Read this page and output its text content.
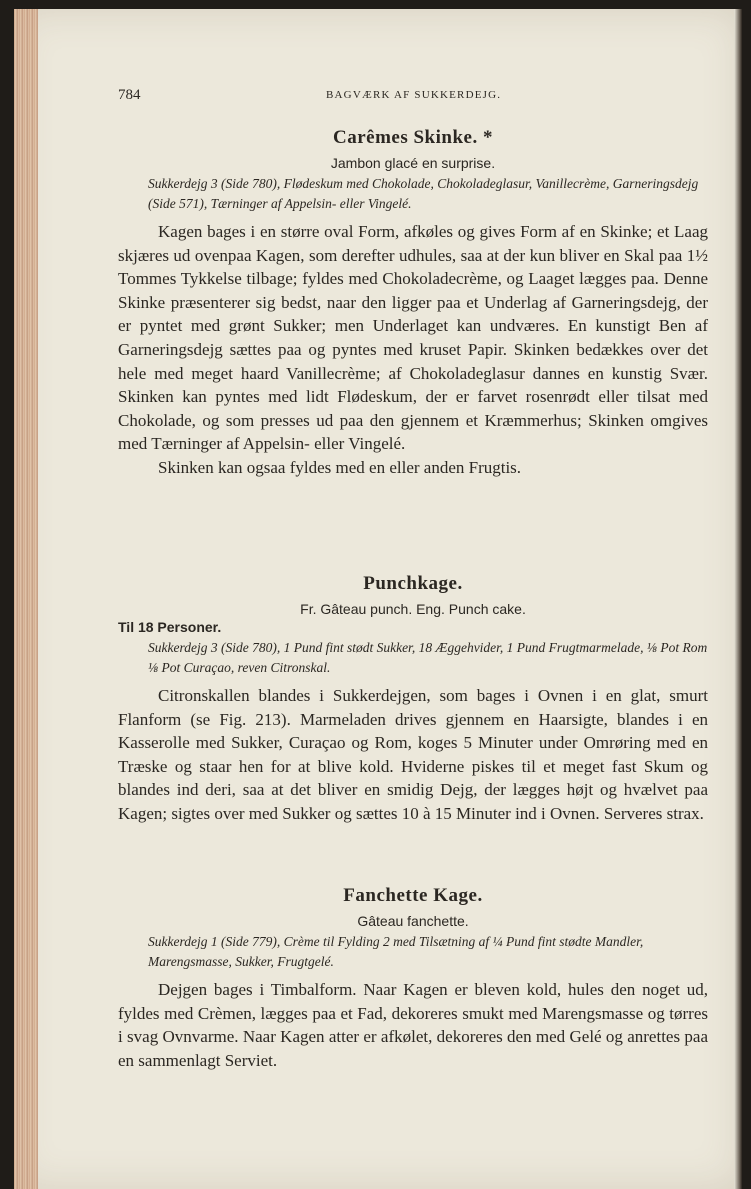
784	BAGVÆRK AF SUKKERDEJG.
Carêmes Skinke. *
Jambon glacé en surprise.
Sukkerdejg 3 (Side 780), Flødeskum med Chokolade, Chokoladeglasur, Vanillecrème, Garneringsdejg (Side 571), Tærninger af Appelsin- eller Vingelé.

Kagen bages i en større oval Form, afkøles og gives Form af en Skinke; et Laag skjæres ud ovenpaa Kagen, som derefter udhules, saa at der kun bliver en Skal paa 1½ Tommes Tykkelse tilbage; fyldes med Chokoladecrème, og Laaget lægges paa. Denne Skinke præsenterer sig bedst, naar den ligger paa et Underlag af Garneringsdejg, der er pyntet med grønt Sukker; men Underlaget kan undværes. En kunstigt Ben af Garneringsdejg sættes paa og pyntes med kruset Papir. Skinken bedækkes over det hele med meget haard Vanillecrème; af Chokoladeglasur dannes en kunstig Svær. Skinken kan pyntes med lidt Flødeskum, der er farvet rosenrødt eller tilsat med Chokolade, og som presses ud paa den gjennem et Kræmmerhus; Skinken omgives med Tærninger af Appelsin- eller Vingelé.

Skinken kan ogsaa fyldes med en eller anden Frugtis.

Punchkage.
Fr. Gâteau punch. Eng. Punch cake.
Til 18 Personer.
Sukkerdejg 3 (Side 780), 1 Pund fint stødt Sukker, 18 Æggehvider, 1 Pund Frugtmarmelade, ⅛ Pot Rom ⅛ Pot Curaçao, reven Citronskal.

Citronskallen blandes i Sukkerdejgen, som bages i Ovnen i en glat, smurt Flanform (se Fig. 213). Marmeladen drives gjennem en Haarsigte, blandes i en Kasserolle med Sukker, Curaçao og Rom, koges 5 Minuter under Omrøring med en Træske og staar hen for at blive kold. Hviderne piskes til et meget fast Skum og blandes ind deri, saa at det bliver en smidig Dejg, der lægges højt og hvælvet paa Kagen; sigtes over med Sukker og sættes 10 à 15 Minuter ind i Ovnen. Serveres strax.

Fanchette Kage.
Gâteau fanchette.
Sukkerdejg 1 (Side 779), Crème til Fylding 2 med Tilsætning af ¼ Pund fint stødte Mandler, Marengsmasse, Sukker, Frugtgelé.

Dejgen bages i Timbalform. Naar Kagen er bleven kold, hules den noget ud, fyldes med Crèmen, lægges paa et Fad, dekoreres smukt med Marengsmasse og tørres i svag Ovnvarme. Naar Kagen atter er afkølet, dekoreres den med Gelé og anrettes paa en sammenlagt Serviet.
